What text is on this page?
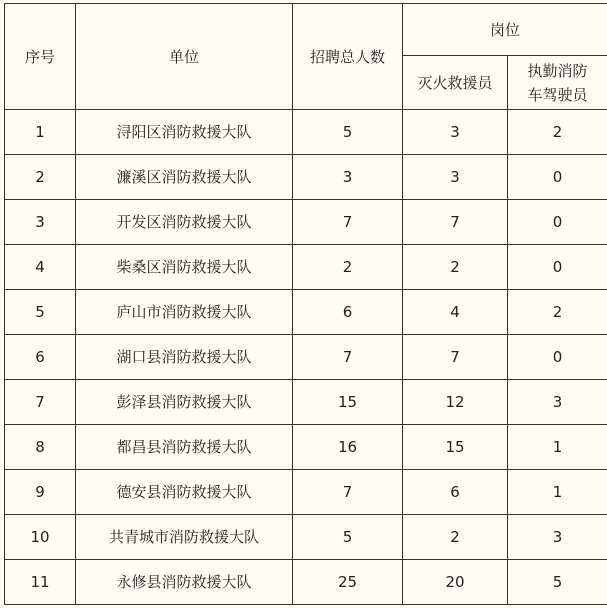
序号	单位	招聘总人数	岗位	
			灭火救援员	执勤消防
车驾驶员
1	浔阳区消防救援大队	5	3	2
2	濂溪区消防救援大队	3	3	0
3	开发区消防救援大队	7	7	0
4	柴桑区消防救援大队	2	2	0
5	庐山市消防救援大队	6	4	2
6	湖口县消防救援大队	7	7	0
7	彭泽县消防救援大队	15	12	3
8	都昌县消防救援大队	16	15	1
9	德安县消防救援大队	7	6	1
10	共青城市消防救援大队	5	2	3
11	永修县消防救援大队	25	20	5
